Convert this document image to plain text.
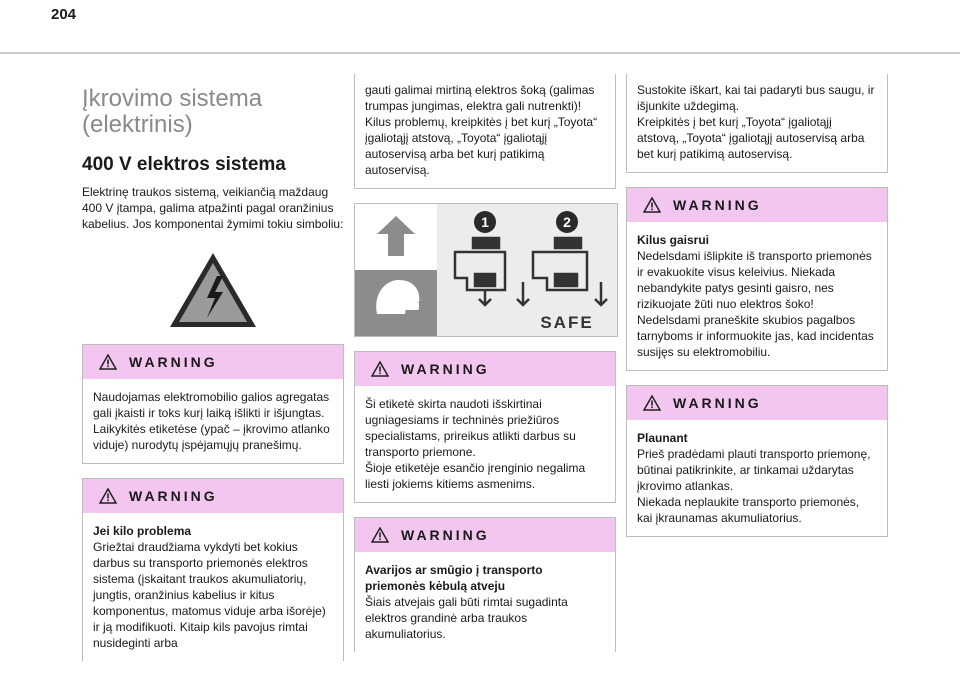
204
Įkrovimo sistema (elektrinis)
400 V elektros sistema
Elektrinę traukos sistemą, veikiančią maždaug 400 V įtampa, galima atpažinti pagal oranžinius kabelius. Jos komponentai žymimi tokiu simboliu:
WARNING
Naudojamas elektromobilio galios agregatas gali įkaisti ir toks kurį laiką išlikti ir išjungtas. Laikykitės etiketėse (ypač – įkrovimo atlanko viduje) nurodytų įspėjamųjų pranešimų.
WARNING
Jei kilo problema
Griežtai draudžiama vykdyti bet kokius darbus su transporto priemonės elektros sistema (įskaitant traukos akumuliatorių, jungtis, oranžinius kabelius ir kitus komponentus, matomus viduje arba išorėje) ir ją modifikuoti. Kitaip kils pavojus rimtai nusideginti arba
gauti galimai mirtiną elektros šoką (galimas trumpas jungimas, elektra gali nutrenkti)!
Kilus problemų, kreipkitės į bet kurį „Toyota“ įgaliotąjį atstovą, „Toyota“ įgaliotąjį autoservisą arba bet kurį patikimą autoservisą.
1	2
SAFE
WARNING
Ši etiketė skirta naudoti išskirtinai ugniagesiams ir techninės priežiūros specialistams, prireikus atlikti darbus su transporto priemone.
Šioje etiketėje esančio įrenginio negalima liesti jokiems kitiems asmenims.
WARNING
Avarijos ar smūgio į transporto priemonės kėbulą atveju
Šiais atvejais gali būti rimtai sugadinta elektros grandinė arba traukos akumuliatorius.
Sustokite iškart, kai tai padaryti bus saugu, ir išjunkite uždegimą.
Kreipkitės į bet kurį „Toyota“ įgaliotąjį atstovą, „Toyota“ įgaliotąjį autoservisą arba bet kurį patikimą autoservisą.
WARNING
Kilus gaisrui
Nedelsdami išlipkite iš transporto priemonės ir evakuokite visus keleivius. Niekada nebandykite patys gesinti gaisro, nes rizikuojate žūti nuo elektros šoko!
Nedelsdami praneškite skubios pagalbos tarnyboms ir informuokite jas, kad incidentas susijęs su elektromobiliu.
WARNING
Plaunant
Prieš pradėdami plauti transporto priemonę, būtinai patikrinkite, ar tinkamai uždarytas įkrovimo atlankas.
Niekada neplaukite transporto priemonės, kai įkraunamas akumuliatorius.
